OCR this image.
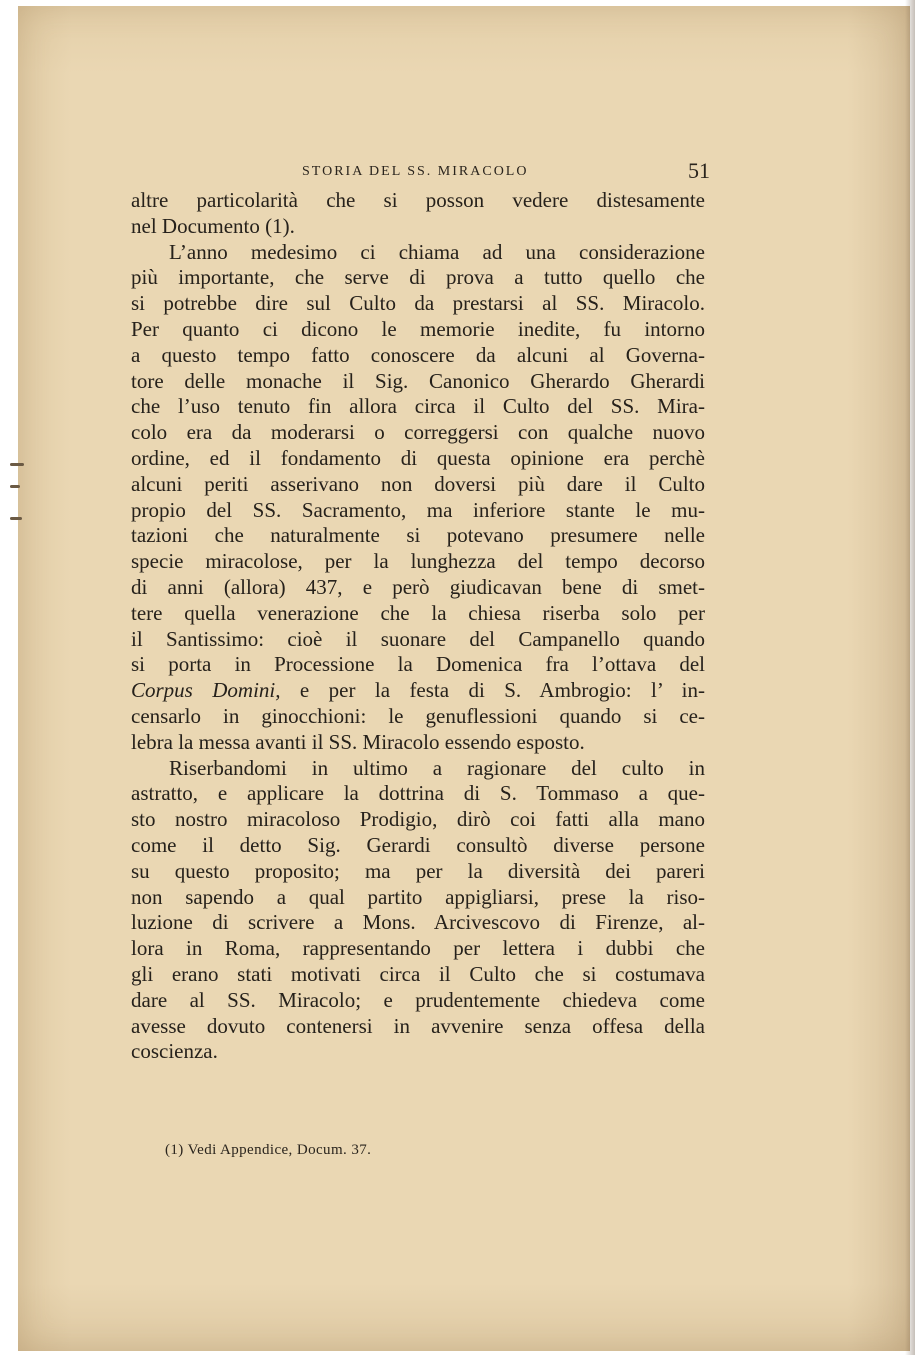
STORIA DEL SS. MIRACOLO	51
altre particolarità che si posson vedere distesamente
nel Documento (1).
L’anno medesimo ci chiama ad una considerazione
più importante, che serve di prova a tutto quello che
si potrebbe dire sul Culto da prestarsi al SS. Miracolo.
Per quanto ci dicono le memorie inedite, fu intorno
a questo tempo fatto conoscere da alcuni al Governa-
tore delle monache il Sig. Canonico Gherardo Gherardi
che l’uso tenuto fin allora circa il Culto del SS. Mira-
colo era da moderarsi o correggersi con qualche nuovo
ordine, ed il fondamento di questa opinione era perchè
alcuni periti asserivano non doversi più dare il Culto
propio del SS. Sacramento, ma inferiore stante le mu-
tazioni che naturalmente si potevano presumere nelle
specie miracolose, per la lunghezza del tempo decorso
di anni (allora) 437, e però giudicavan bene di smet-
tere quella venerazione che la chiesa riserba solo per
il Santissimo: cioè il suonare del Campanello quando
si porta in Processione la Domenica fra l’ottava del
Corpus Domini, e per la festa di S. Ambrogio: l’ in-
censarlo in ginocchioni: le genuflessioni quando si ce-
lebra la messa avanti il SS. Miracolo essendo esposto.
Riserbandomi in ultimo a ragionare del culto in
astratto, e applicare la dottrina di S. Tommaso a que-
sto nostro miracoloso Prodigio, dirò coi fatti alla mano
come il detto Sig. Gerardi consultò diverse persone
su questo proposito; ma per la diversità dei pareri
non sapendo a qual partito appigliarsi, prese la riso-
luzione di scrivere a Mons. Arcivescovo di Firenze, al-
lora in Roma, rappresentando per lettera i dubbi che
gli erano stati motivati circa il Culto che si costumava
dare al SS. Miracolo; e prudentemente chiedeva come
avesse dovuto contenersi in avvenire senza offesa della
coscienza.
(1) Vedi Appendice, Docum. 37.
